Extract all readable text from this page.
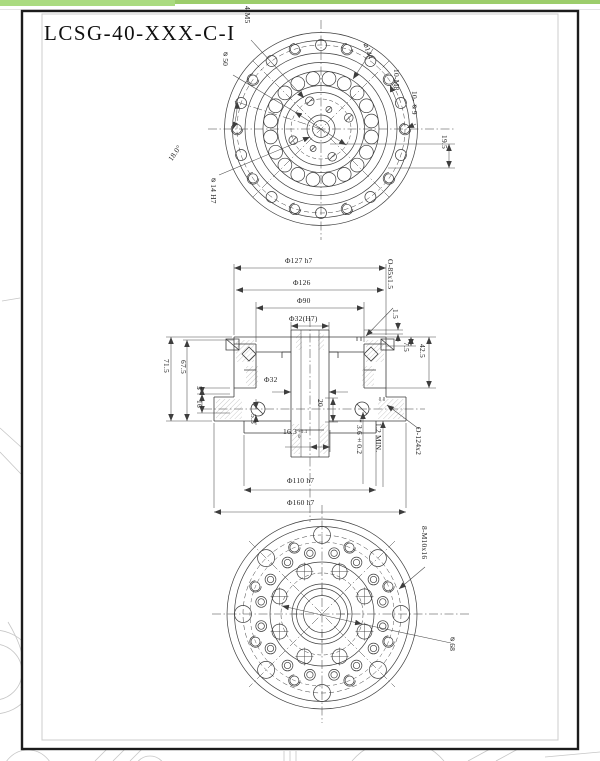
LCSG-40-XXX-C-I
4-M5
⌀50	⌀144
10-M8
10-⌀9
19.5
18.0°
⌀14 H7
Φ127 h7
Φ126
Φ90
Φ32(H7)
O-85x1.5
1.5
7.5 42.5
71.5 67.5
5
16
Φ32
20
5.3
16.3 +0.1
0	* 3.6±0.2 1.2 MIN.	O-124x2
Φ110 h7
Φ160 h7
8-M10x16
⌀68
